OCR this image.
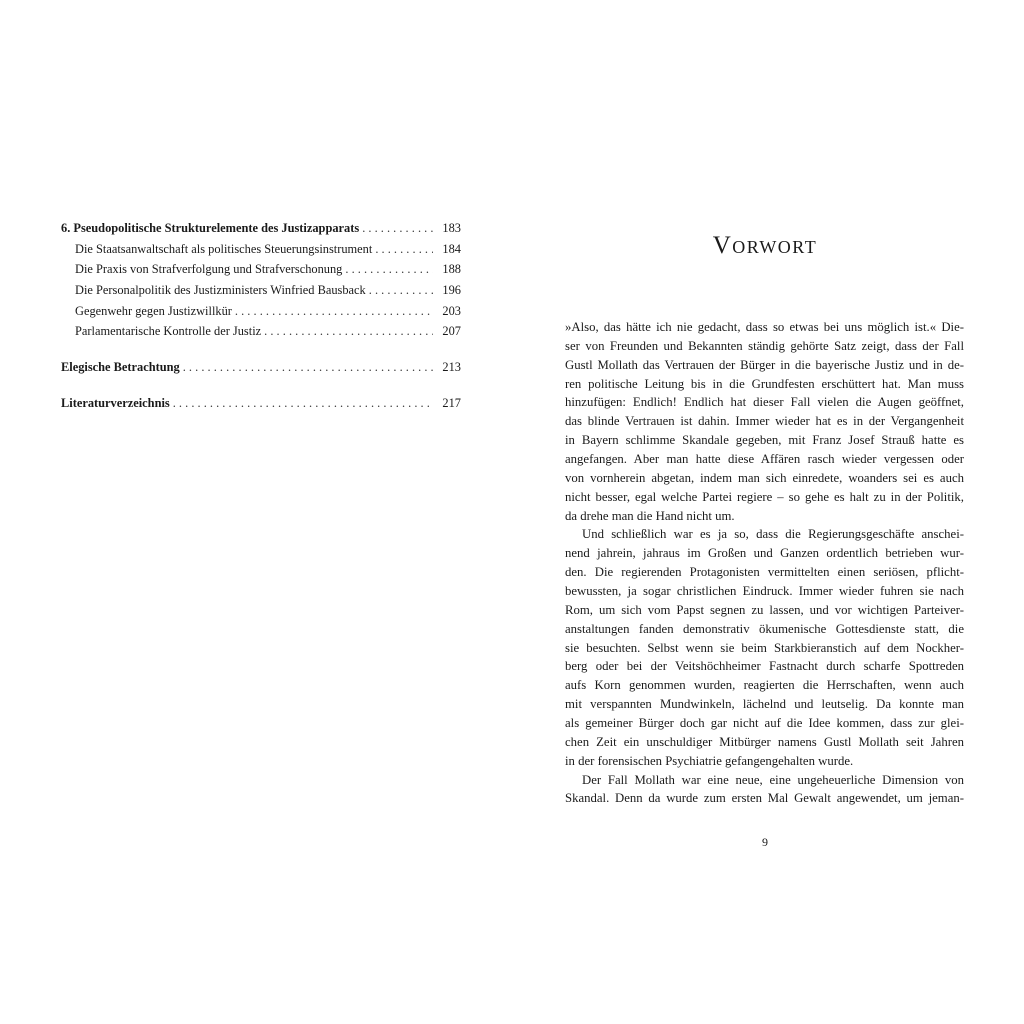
6. Pseudopolitische Strukturelemente des Justizapparats . . .	183
Die Staatsanwaltschaft als politisches Steuerungsinstrument . . .	184
Die Praxis von Strafverfolgung und Strafverschonung . . .	188
Die Personalpolitik des Justizministers Winfried Bausback . . .	196
Gegenwehr gegen Justizwillkür . . .	203
Parlamentarische Kontrolle der Justiz . . .	207
Elegische Betrachtung . . .	213
Literaturverzeichnis . . .	217
Vorwort
»Also, das hätte ich nie gedacht, dass so etwas bei uns möglich ist.« Die-
ser von Freunden und Bekannten ständig gehörte Satz zeigt, dass der Fall
Gustl Mollath das Vertrauen der Bürger in die bayerische Justiz und in de-
ren politische Leitung bis in die Grundfesten erschüttert hat. Man muss
hinzufügen: Endlich! Endlich hat dieser Fall vielen die Augen geöffnet,
das blinde Vertrauen ist dahin. Immer wieder hat es in der Vergangenheit
in Bayern schlimme Skandale gegeben, mit Franz Josef Strauß hatte es
angefangen. Aber man hatte diese Affären rasch wieder vergessen oder
von vornherein abgetan, indem man sich einredete, woanders sei es auch
nicht besser, egal welche Partei regiere – so gehe es halt zu in der Politik,
da drehe man die Hand nicht um.
Und schließlich war es ja so, dass die Regierungsgeschäfte anschei-
nend jahrein, jahraus im Großen und Ganzen ordentlich betrieben wur-
den. Die regierenden Protagonisten vermittelten einen seriösen, pflicht-
bewussten, ja sogar christlichen Eindruck. Immer wieder fuhren sie nach
Rom, um sich vom Papst segnen zu lassen, und vor wichtigen Parteiver-
anstaltungen fanden demonstrativ ökumenische Gottesdienste statt, die
sie besuchten. Selbst wenn sie beim Starkbieranstich auf dem Nockher-
berg oder bei der Veitshöchheimer Fastnacht durch scharfe Spottreden
aufs Korn genommen wurden, reagierten die Herrschaften, wenn auch
mit verspannten Mundwinkeln, lächelnd und leutselig. Da konnte man
als gemeiner Bürger doch gar nicht auf die Idee kommen, dass zur glei-
chen Zeit ein unschuldiger Mitbürger namens Gustl Mollath seit Jahren
in der forensischen Psychiatrie gefangengehalten wurde.
Der Fall Mollath war eine neue, eine ungeheuerliche Dimension von
Skandal. Denn da wurde zum ersten Mal Gewalt angewendet, um jeman-
9
